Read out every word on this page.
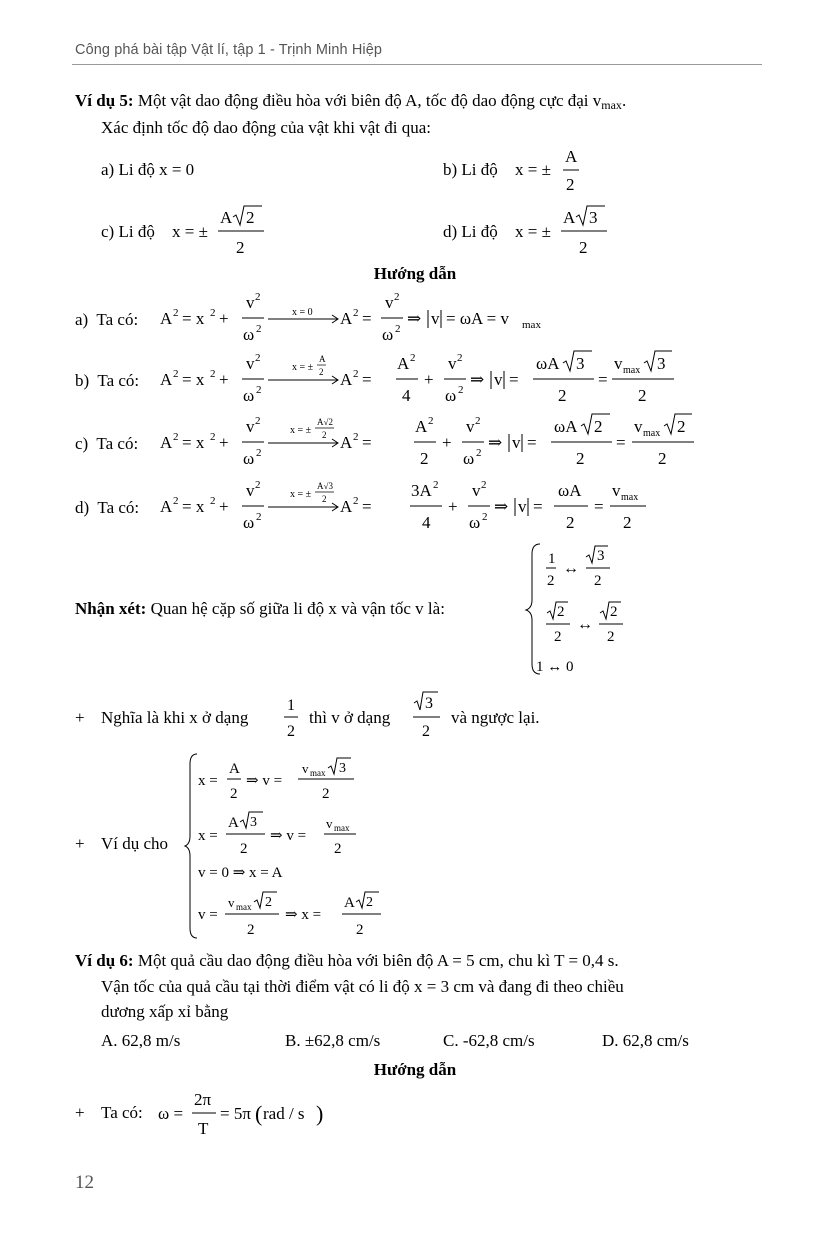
Công phá bài tập Vật lí, tập 1 - Trịnh Minh Hiệp
Ví dụ 5: Một vật dao động điều hòa với biên độ A, tốc độ dao động cực đại $v_{max}$.
Xác định tốc độ dao động của vật khi vật đi qua:
a) Li độ x = 0	b) Li độ x = ±
A
2
c) Li độ x = ±
A 2
2
d) Li độ x = ±
A 3
2
Hướng dẫn
a) Ta có: A 2 = x 2 +
v 2
ω 2
x = 0 A 2 =
v 2
ω 2
⇒ v = ωA = v max
b) Ta có: A 2 = x 2 +
v 2
ω 2
x = ±
A
2 A 2 =
A 2
4
+
v 2
ω 2
⇒ v =
ωA 3
2
=
v max 3
2
c) Ta có: A 2 = x 2 +
v 2
ω 2
x = ±
A√2
2 A 2 =
A 2
2
+
v 2
ω 2
⇒ v =
ωA 2
2
=
v max 2
2
d) Ta có: A 2 = x 2 +
v 2
ω 2
x = ±
A√3
2 A 2 =
3A 2
4
+
v 2
ω 2
⇒ v =
ωA
2
=
v max
2
Nhận xét: Quan hệ cặp số giữa li độ x và vận tốc v là:
1
2
↔
3
2
2
2
↔
2
2
1 ↔ 0
+ Nghĩa là khi x ở dạng
1
2
thì v ở dạng
3
2
và ngược lại.
+ Ví dụ cho
x =
A
2
⇒ v =
v max 3
2
x =
A 3
2
⇒ v =
v max
2
v = 0 ⇒ x = A
v =
v max 2
2
⇒ x =
A 2
2
Ví dụ 6: Một quả cầu dao động điều hòa với biên độ A = 5 cm, chu kì T = 0,4 s.
Vận tốc của quả cầu tại thời điểm vật có li độ x = 3 cm và đang đi theo chiều
dương xấp xỉ bằng
A. 62,8 m/s	B. ±62,8 cm/s	C. -62,8 cm/s	D. 62,8 cm/s
Hướng dẫn
+ Ta có: ω =
2π
T
= 5π ( rad / s )
12
